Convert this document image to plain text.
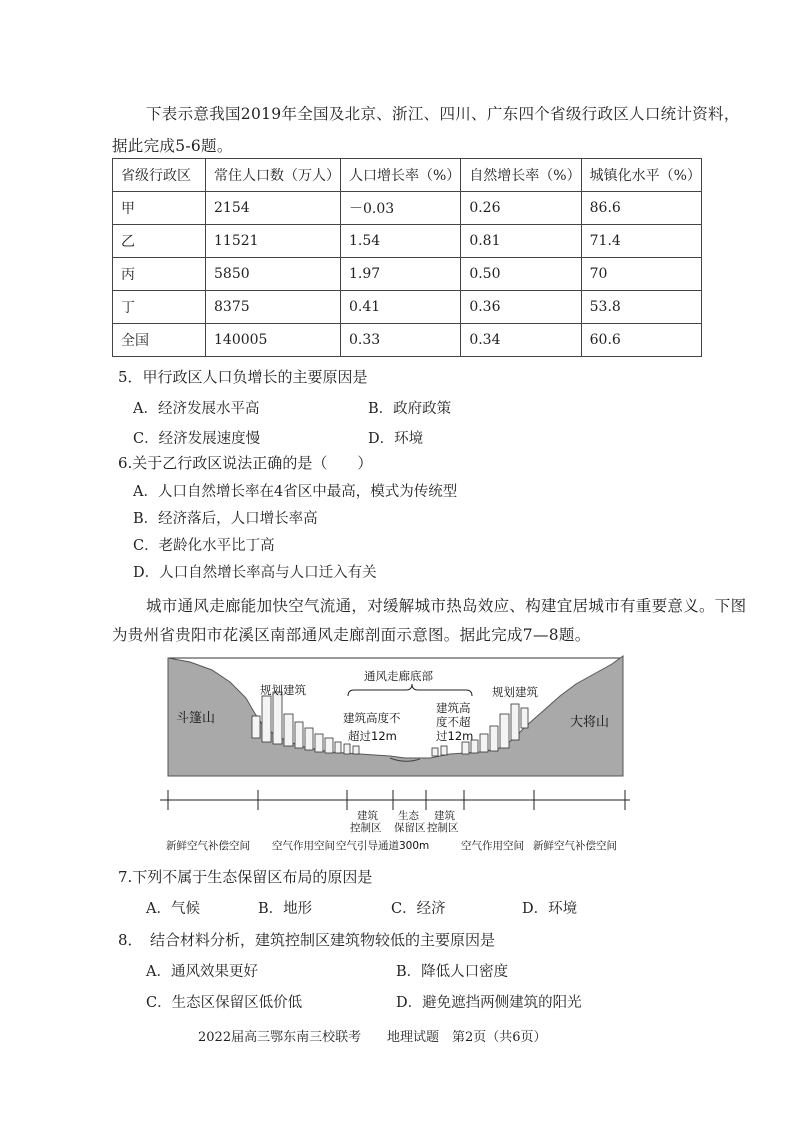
下表示意我国2019年全国及北京、浙江、四川、广东四个省级行政区人口统计资料，
据此完成5-6题。
省级行政区	常住人口数（万人）	人口增长率（%）	自然增长率（%）	城镇化水平（%）
甲	2154	－0.03	0.26	86.6
乙	11521	1.54	0.81	71.4
丙	5850	1.97	0.50	70
丁	8375	0.41	0.36	53.8
全国	140005	0.33	0.34	60.6
5．甲行政区人口负增长的主要原因是
A．经济发展水平高	B．政府政策
C．经济发展速度慢	D．环境
6.关于乙行政区说法正确的是（　　）
A．人口自然增长率在4省区中最高，模式为传统型
B．经济落后，人口增长率高
C．老龄化水平比丁高
D．人口自然增长率高与人口迁入有关
城市通风走廊能加快空气流通，对缓解城市热岛效应、构建宜居城市有重要意义。下图
为贵州省贵阳市花溪区南部通风走廊剖面示意图。据此完成7—8题。
通风走廊底部
规划建筑	规划建筑
斗篷山	大将山
建筑高度不
超过12m
建筑高
度不超
过12m
建筑
控制区
生态
保留区
建筑
控制区
新鲜空气补偿空间 空气作用空间 空气引导通道300m	空气作用空间 新鲜空气补偿空间
7.下列不属于生态保留区布局的原因是
A．气候	B．地形	C．经济	D．环境
8．　结合材料分析，建筑控制区建筑物较低的主要原因是
A．通风效果更好	B．降低人口密度
C．生态区保留区低价低	D．避免遮挡两侧建筑的阳光
2022届高三鄂东南三校联考 地理试题 第2页（共6页）
